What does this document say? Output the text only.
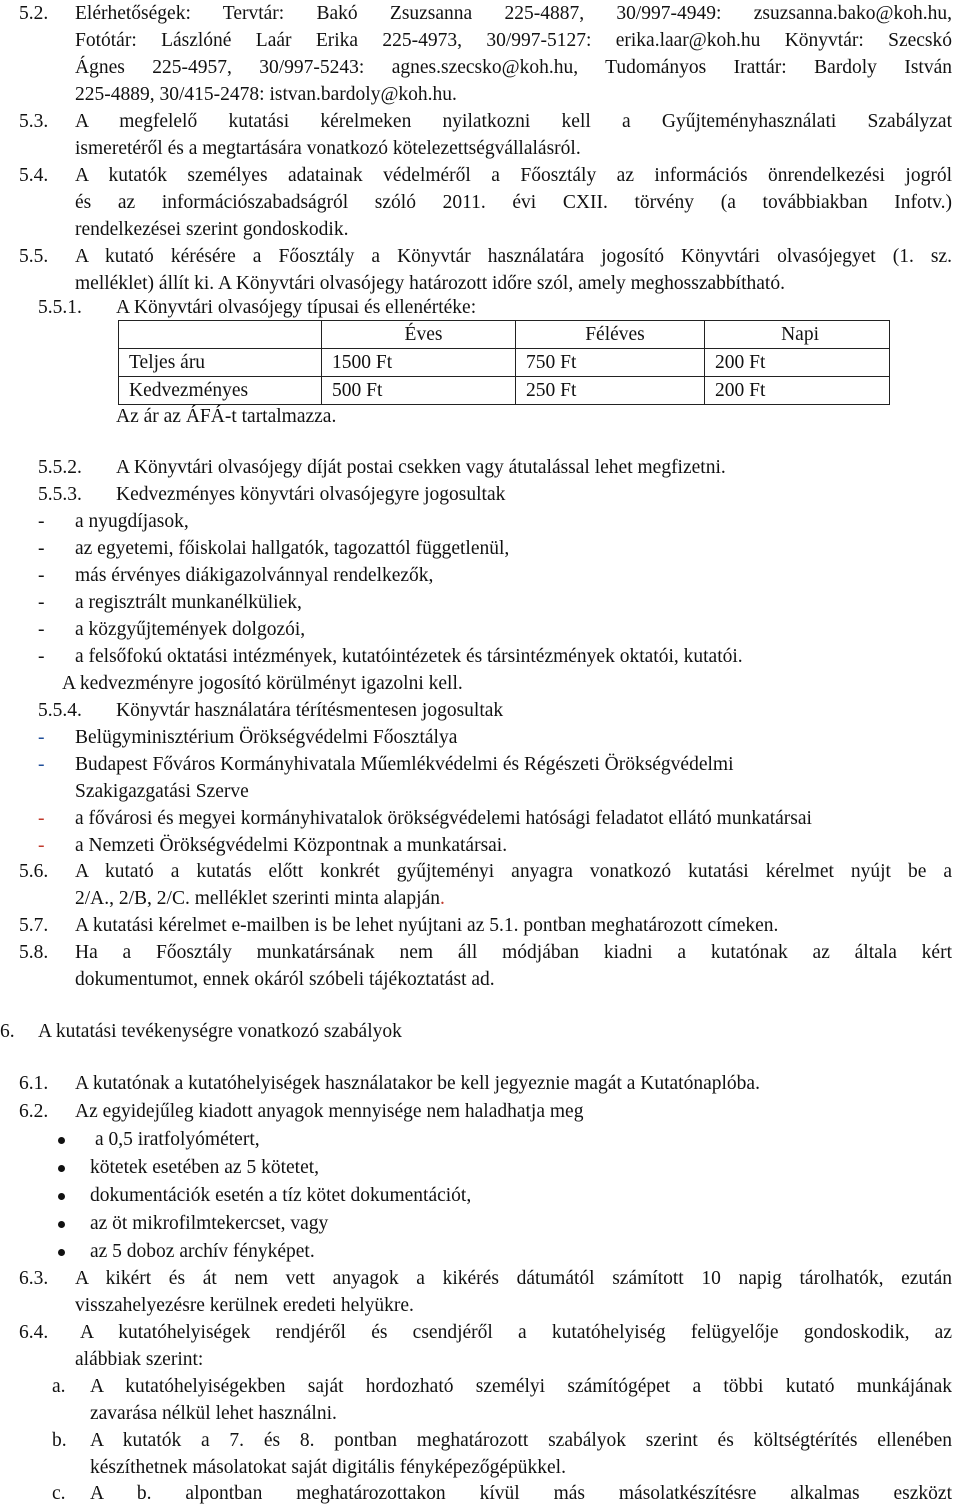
5.2. Elérhetőségek: Tervtár: Bakó Zsuzsanna 225-4887, 30/997-4949: zsuzsanna.bako@koh.hu,
Fotótár: Lászlóné Laár Erika 225-4973, 30/997-5127: erika.laar@koh.hu Könyvtár: Szecskó
Ágnes 225-4957, 30/997-5243: agnes.szecsko@koh.hu, Tudományos Irattár: Bardoly István
225-4889, 30/415-2478: istvan.bardoly@koh.hu.
5.3. A megfelelő kutatási kérelmeken nyilatkozni kell a Gyűjteményhasználati Szabályzat
ismeretéről és a megtartására vonatkozó kötelezettségvállalásról.
5.4. A kutatók személyes adatainak védelméről a Főosztály az információs önrendelkezési jogról
és az információszabadságról szóló 2011. évi CXII. törvény (a továbbiakban Infotv.)
rendelkezései szerint gondoskodik.
5.5. A kutató kérésére a Főosztály a Könyvtár használatára jogosító Könyvtári olvasójegyet (1. sz.
melléklet) állít ki. A Könyvtári olvasójegy határozott időre szól, amely meghosszabbítható.
5.5.1. A Könyvtári olvasójegy típusai és ellenértéke:
	Éves	Féléves	Napi
Teljes áru	1500 Ft	750 Ft	200 Ft
Kedvezményes	500 Ft	250 Ft	200 Ft
Az ár az ÁFÁ-t tartalmazza.
5.5.2. A Könyvtári olvasójegy díját postai csekken vagy átutalással lehet megfizetni.
5.5.3. Kedvezményes könyvtári olvasójegyre jogosultak
- a nyugdíjasok,
- az egyetemi, főiskolai hallgatók, tagozattól függetlenül,
- más érvényes diákigazolvánnyal rendelkezők,
- a regisztrált munkanélküliek,
- a közgyűjtemények dolgozói,
- a felsőfokú oktatási intézmények, kutatóintézetek és társintézmények oktatói, kutatói.
A kedvezményre jogosító körülményt igazolni kell.
5.5.4. Könyvtár használatára térítésmentesen jogosultak
- Belügyminisztérium Örökségvédelmi Főosztálya
- Budapest Főváros Kormányhivatala Műemlékvédelmi és Régészeti Örökségvédelmi
Szakigazgatási Szerve
- a fővárosi és megyei kormányhivatalok örökségvédelemi hatósági feladatot ellátó munkatársai
- a Nemzeti Örökségvédelmi Központnak a munkatársai.
5.6. A kutató a kutatás előtt konkrét gyűjteményi anyagra vonatkozó kutatási kérelmet nyújt be a
2/A., 2/B, 2/C. melléklet szerinti minta alapján.
5.7. A kutatási kérelmet e-mailben is be lehet nyújtani az 5.1. pontban meghatározott címeken.
5.8. Ha a Főosztály munkatársának nem áll módjában kiadni a kutatónak az általa kért
dokumentumot, ennek okáról szóbeli tájékoztatást ad.
6. A kutatási tevékenységre vonatkozó szabályok
6.1. A kutatónak a kutatóhelyiségek használatakor be kell jegyeznie magát a Kutatónaplóba.
6.2. Az egyidejűleg kiadott anyagok mennyisége nem haladhatja meg
a 0,5 iratfolyómétert,
kötetek esetében az 5 kötetet,
dokumentációk esetén a tíz kötet dokumentációt,
az öt mikrofilmtekercset, vagy
az 5 doboz archív fényképet.
6.3. A kikért és át nem vett anyagok a kikérés dátumától számított 10 napig tárolhatók, ezután
visszahelyezésre kerülnek eredeti helyükre.
6.4. A kutatóhelyiségek rendjéről és csendjéről a kutatóhelyiség felügyelője gondoskodik, az
alábbiak szerint:
a. A kutatóhelyiségekben saját hordozható személyi számítógépet a többi kutató munkájának
zavarása nélkül lehet használni.
b. A kutatók a 7. és 8. pontban meghatározott szabályok szerint és költségtérítés ellenében
készíthetnek másolatokat saját digitális fényképezőgépükkel.
c. A b. alpontban meghatározottakon kívül más másolatkészítésre alkalmas eszközt
